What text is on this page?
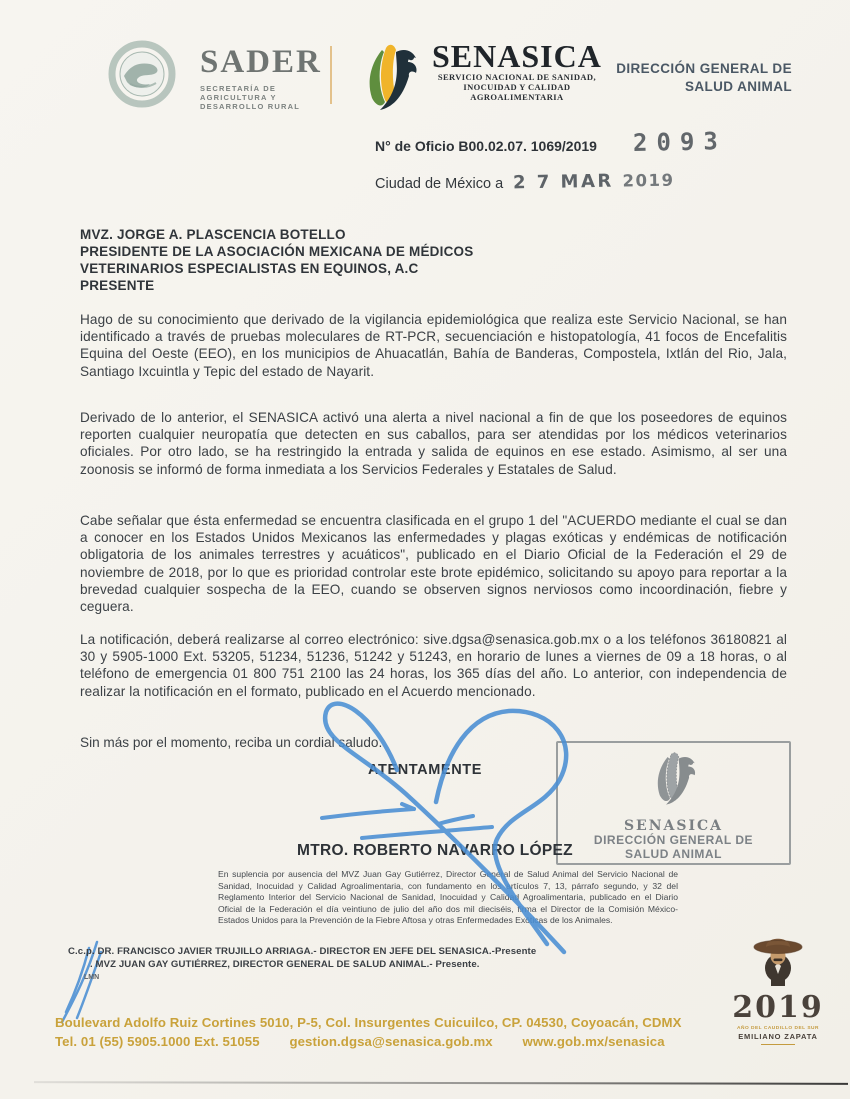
SADER
SECRETARÍA DE
AGRICULTURA Y
DESARROLLO RURAL
SENASICA
SERVICIO NACIONAL DE SANIDAD,
INOCUIDAD Y CALIDAD
AGROALIMENTARIA
DIRECCIÓN GENERAL DE
SALUD ANIMAL
N° de Oficio B00.02.07. 1069/2019 2093
Ciudad de México a 2 7 MAR 2019
MVZ. JORGE A. PLASCENCIA BOTELLO
PRESIDENTE DE LA ASOCIACIÓN MEXICANA DE MÉDICOS
VETERINARIOS ESPECIALISTAS EN EQUINOS, A.C
PRESENTE

Hago de su conocimiento que derivado de la vigilancia epidemiológica que realiza este Servicio Nacional, se han identificado a través de pruebas moleculares de RT-PCR, secuenciación e histopatología, 41 focos de Encefalitis Equina del Oeste (EEO), en los municipios de Ahuacatlán, Bahía de Banderas, Compostela, Ixtlán del Rio, Jala, Santiago Ixcuintla y Tepic del estado de Nayarit.

Derivado de lo anterior, el SENASICA activó una alerta a nivel nacional a fin de que los poseedores de equinos reporten cualquier neuropatía que detecten en sus caballos, para ser atendidas por los médicos veterinarios oficiales. Por otro lado, se ha restringido la entrada y salida de equinos en ese estado. Asimismo, al ser una zoonosis se informó de forma inmediata a los Servicios Federales y Estatales de Salud.

Cabe señalar que ésta enfermedad se encuentra clasificada en el grupo 1 del "ACUERDO mediante el cual se dan a conocer en los Estados Unidos Mexicanos las enfermedades y plagas exóticas y endémicas de notificación obligatoria de los animales terrestres y acuáticos", publicado en el Diario Oficial de la Federación el 29 de noviembre de 2018, por lo que es prioridad controlar este brote epidémico, solicitando su apoyo para reportar a la brevedad cualquier sospecha de la EEO, cuando se observen signos nerviosos como incoordinación, fiebre y ceguera.

La notificación, deberá realizarse al correo electrónico: sive.dgsa@senasica.gob.mx o a los teléfonos 36180821 al 30 y 5905-1000 Ext. 53205, 51234, 51236, 51242 y 51243, en horario de lunes a viernes de 09 a 18 horas, o al teléfono de emergencia 01 800 751 2100 las 24 horas, los 365 días del año. Lo anterior, con independencia de realizar la notificación en el formato, publicado en el Acuerdo mencionado.

Sin más por el momento, reciba un cordial saludo.

ATENTAMENTE
SENASICA
DIRECCIÓN GENERAL DE
SALUD ANIMAL
MTRO. ROBERTO NAVARRO LÓPEZ

En suplencia por ausencia del MVZ Juan Gay Gutiérrez, Director General de Salud Animal del Servicio Nacional de Sanidad, Inocuidad y Calidad Agroalimentaria, con fundamento en los artículos 7, 13, párrafo segundo, y 32 del Reglamento Interior del Servicio Nacional de Sanidad, Inocuidad y Calidad Agroalimentaria, publicado en el Diario Oficial de la Federación el día veintiuno de julio del año dos mil dieciséis, firma el Director de la Comisión México-Estados Unidos para la Prevención de la Fiebre Aftosa y otras Enfermedades Exóticas de los Animales.

C.c.p. DR. FRANCISCO JAVIER TRUJILLO ARRIAGA.- DIRECTOR EN JEFE DEL SENASICA.-Presente
. MVZ JUAN GAY GUTIÉRREZ, DIRECTOR GENERAL DE SALUD ANIMAL.- Presente.
LMN
2019
AÑO DEL CAUDILLO DEL SUR
EMILIANO ZAPATA
Boulevard Adolfo Ruiz Cortines 5010, P-5, Col. Insurgentes Cuicuilco, CP. 04530, Coyoacán, CDMX
Tel. 01 (55) 5905.1000 Ext. 51055 gestion.dgsa@senasica.gob.mx www.gob.mx/senasica
